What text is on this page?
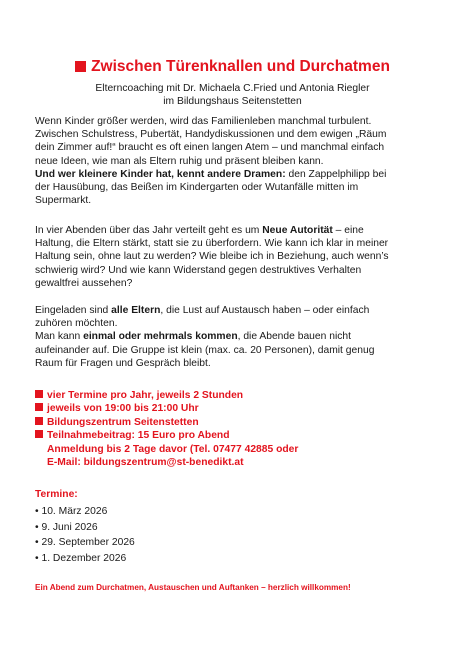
Zwischen Türenknallen und Durchatmen
Elterncoaching mit Dr. Michaela C.Fried und Antonia Riegler
im Bildungshaus Seitenstetten
Wenn Kinder größer werden, wird das Familienleben manchmal turbulent.
Zwischen Schulstress, Pubertät, Handydiskussionen und dem ewigen „Räum
dein Zimmer auf!“ braucht es oft einen langen Atem – und manchmal einfach
neue Ideen, wie man als Eltern ruhig und präsent bleiben kann.
Und wer kleinere Kinder hat, kennt andere Dramen: den Zappelphilipp bei
der Hausübung, das Beißen im Kindergarten oder Wutanfälle mitten im
Supermarkt.
In vier Abenden über das Jahr verteilt geht es um Neue Autorität – eine
Haltung, die Eltern stärkt, statt sie zu überfordern. Wie kann ich klar in meiner
Haltung sein, ohne laut zu werden? Wie bleibe ich in Beziehung, auch wenn’s
schwierig wird? Und wie kann Widerstand gegen destruktives Verhalten
gewaltfrei aussehen?
Eingeladen sind alle Eltern, die Lust auf Austausch haben – oder einfach
zuhören möchten.
Man kann einmal oder mehrmals kommen, die Abende bauen nicht
aufeinander auf. Die Gruppe ist klein (max. ca. 20 Personen), damit genug
Raum für Fragen und Gespräch bleibt.
vier Termine pro Jahr, jeweils 2 Stunden
jeweils von 19:00 bis 21:00 Uhr
Bildungszentrum Seitenstetten
Teilnahmebeitrag: 15 Euro pro Abend
Anmeldung bis 2 Tage davor (Tel. 07477 42885 oder
E-Mail: bildungszentrum@st-benedikt.at
Termine:
• 10. März 2026
• 9. Juni 2026
• 29. September 2026
• 1. Dezember 2026
Ein Abend zum Durchatmen, Austauschen und Auftanken – herzlich willkommen!
